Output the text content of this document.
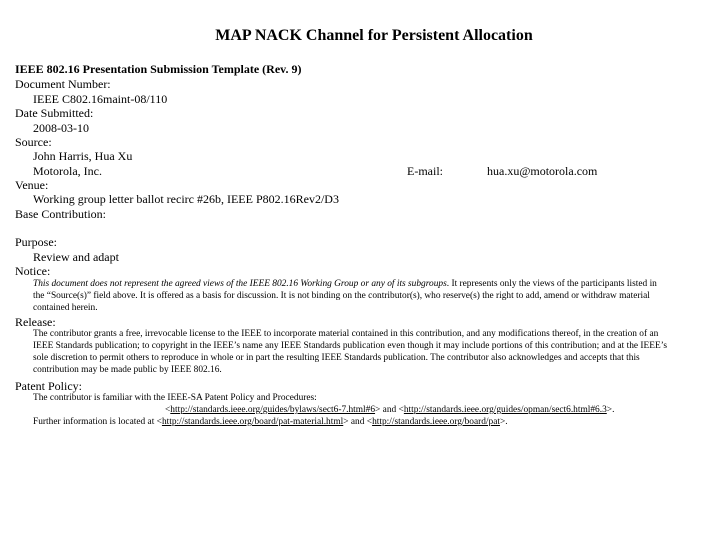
MAP NACK Channel for Persistent Allocation
IEEE 802.16 Presentation Submission Template (Rev. 9)
Document Number:
IEEE C802.16maint-08/110
Date Submitted:
2008-03-10
Source:
John Harris, Hua Xu
Motorola, Inc.	E-mail:	hua.xu@motorola.com
Venue:
Working group letter ballot recirc #26b, IEEE P802.16Rev2/D3
Base Contribution:
Purpose:
Review and adapt
Notice:
This document does not represent the agreed views of the IEEE 802.16 Working Group or any of its subgroups. It represents only the views of the participants listed in
the “Source(s)” field above. It is offered as a basis for discussion. It is not binding on the contributor(s), who reserve(s) the right to add, amend or withdraw material
contained herein.
Release:
The contributor grants a free, irrevocable license to the IEEE to incorporate material contained in this contribution, and any modifications thereof, in the creation of an
IEEE Standards publication; to copyright in the IEEE’s name any IEEE Standards publication even though it may include portions of this contribution; and at the IEEE’s
sole discretion to permit others to reproduce in whole or in part the resulting IEEE Standards publication. The contributor also acknowledges and accepts that this
contribution may be made public by IEEE 802.16.
Patent Policy:
The contributor is familiar with the IEEE-SA Patent Policy and Procedures:
<http://standards.ieee.org/guides/bylaws/sect6-7.html#6> and <http://standards.ieee.org/guides/opman/sect6.html#6.3>.
Further information is located at <http://standards.ieee.org/board/pat-material.html> and <http://standards.ieee.org/board/pat>.
